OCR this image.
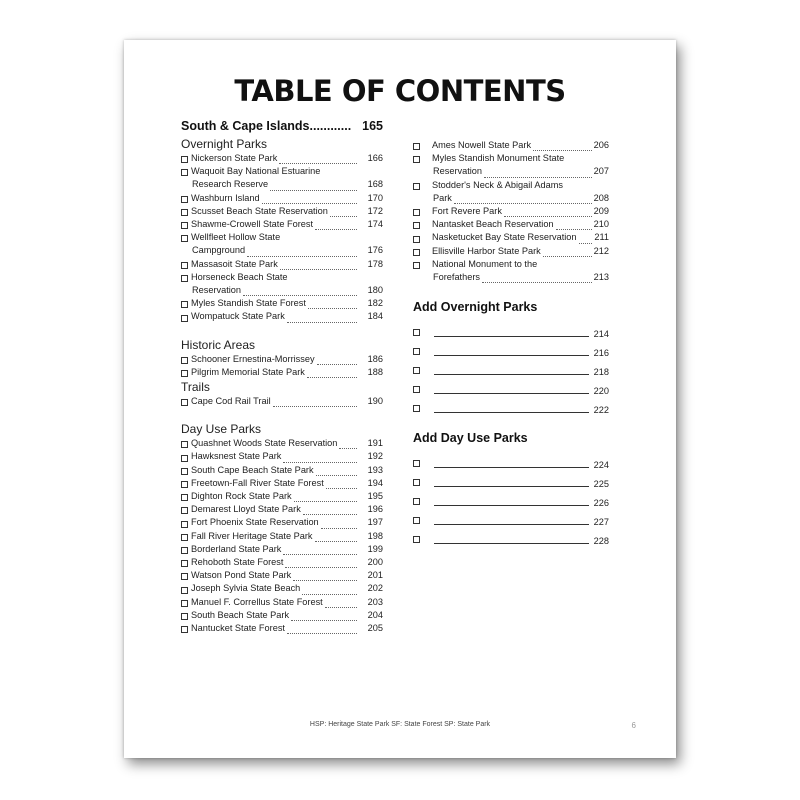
TABLE OF CONTENTS
South & Cape Islands ............ 165
Overnight Parks
Nickerson State Park	166
Waquoit Bay National Estuarine
Research Reserve	168
Washburn Island	170
Scusset Beach State Reservation	172
Shawme-Crowell State Forest	174
Wellfleet Hollow State
Campground	176
Massasoit State Park	178
Horseneck Beach State
Reservation	180
Myles Standish State Forest	182
Wompatuck State Park	184
Historic Areas
Schooner Ernestina-Morrissey	186
Pilgrim Memorial State Park	188
Trails
Cape Cod Rail Trail	190
Day Use Parks
Quashnet Woods State Reservation	191
Hawksnest State Park	192
South Cape Beach State Park	193
Freetown-Fall River State Forest	194
Dighton Rock State Park	195
Demarest Lloyd State Park	196
Fort Phoenix State Reservation	197
Fall River Heritage State Park	198
Borderland State Park	199
Rehoboth State Forest	200
Watson Pond State Park	201
Joseph Sylvia State Beach	202
Manuel F. Correllus State Forest	203
South Beach State Park	204
Nantucket State Forest	205
Ames Nowell State Park	206
Myles Standish Monument State
Reservation	207
Stodder's Neck & Abigail Adams
Park	208
Fort Revere Park	209
Nantasket Beach Reservation	210
Nasketucket Bay State Reservation 211
Ellisville Harbor State Park	212
National Monument to the
Forefathers	213
Add Overnight Parks
214
216
218
220
222
Add Day Use Parks
224
225
226
227
228
HSP: Heritage State Park SF: State Forest SP: State Park	6
